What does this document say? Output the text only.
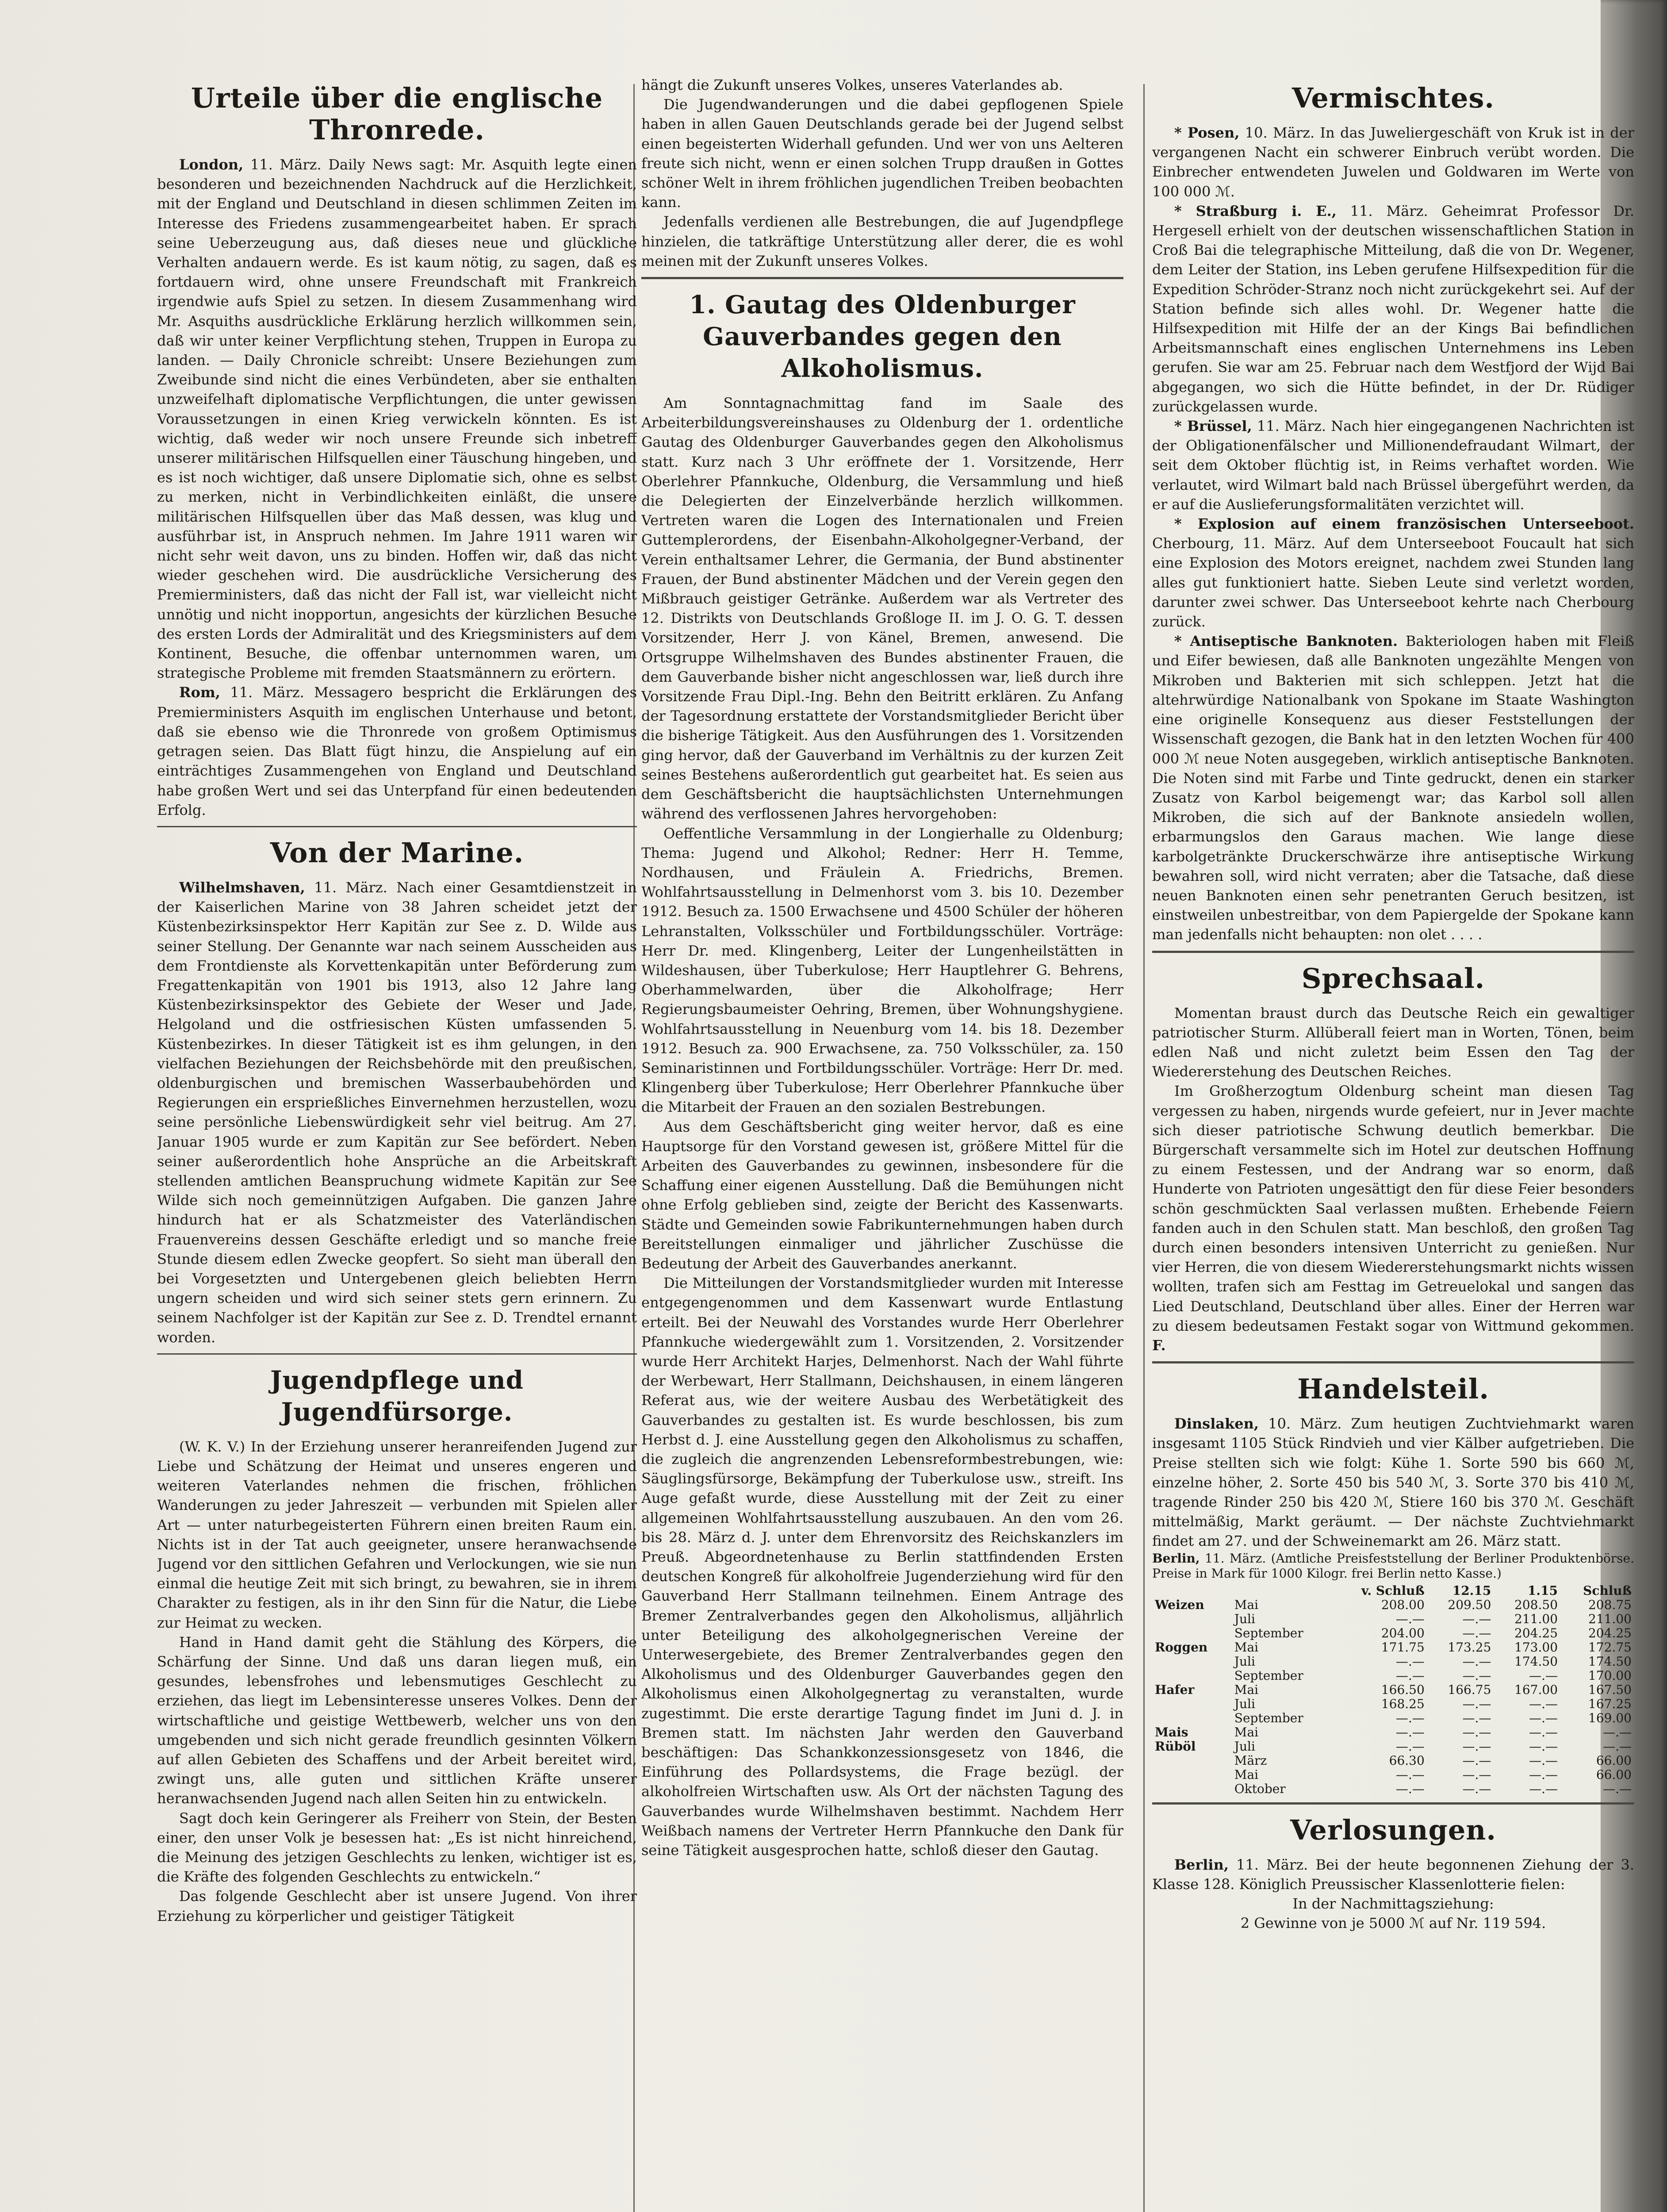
Urteile über die englische Thronrede.

London, 11. März. Daily News sagt: Mr. Asquith legte einen besonderen und bezeichnenden Nachdruck auf die Herzlichkeit, mit der England und Deutschland in diesen schlimmen Zeiten im Interesse des Friedens zusammengearbeitet haben. Er sprach seine Ueberzeugung aus, daß dieses neue und glückliche Verhalten andauern werde. Es ist kaum nötig, zu sagen, daß es fortdauern wird, ohne unsere Freundschaft mit Frankreich irgendwie aufs Spiel zu setzen. In diesem Zusammenhang wird Mr. Asquiths ausdrückliche Erklärung herzlich willkommen sein, daß wir unter keiner Verpflichtung stehen, Truppen in Europa zu landen. — Daily Chronicle schreibt: Unsere Beziehungen zum Zweibunde sind nicht die eines Verbündeten, aber sie enthalten unzweifelhaft diplomatische Verpflichtungen, die unter gewissen Voraussetzungen in einen Krieg verwickeln könnten. Es ist wichtig, daß weder wir noch unsere Freunde sich inbetreff unserer militärischen Hilfsquellen einer Täuschung hingeben, und es ist noch wichtiger, daß unsere Diplomatie sich, ohne es selbst zu merken, nicht in Verbindlichkeiten einläßt, die unsere militärischen Hilfsquellen über das Maß dessen, was klug und ausführbar ist, in Anspruch nehmen. Im Jahre 1911 waren wir nicht sehr weit davon, uns zu binden. Hoffen wir, daß das nicht wieder geschehen wird. Die ausdrückliche Versicherung des Premierministers, daß das nicht der Fall ist, war vielleicht nicht unnötig und nicht inopportun, angesichts der kürzlichen Besuche des ersten Lords der Admiralität und des Kriegsministers auf dem Kontinent, Besuche, die offenbar unternommen waren, um strategische Probleme mit fremden Staatsmännern zu erörtern.

Rom, 11. März. Messagero bespricht die Erklärungen des Premierministers Asquith im englischen Unterhause und betont, daß sie ebenso wie die Thronrede von großem Optimismus getragen seien. Das Blatt fügt hinzu, die Anspielung auf ein einträchtiges Zusammengehen von England und Deutschland habe großen Wert und sei das Unterpfand für einen bedeutenden Erfolg.

Von der Marine.

Wilhelmshaven, 11. März. Nach einer Gesamtdienstzeit in der Kaiserlichen Marine von 38 Jahren scheidet jetzt der Küstenbezirksinspektor Herr Kapitän zur See z. D. Wilde aus seiner Stellung. Der Genannte war nach seinem Ausscheiden aus dem Frontdienste als Korvettenkapitän unter Beförderung zum Fregattenkapitän von 1901 bis 1913, also 12 Jahre lang Küstenbezirksinspektor des Gebiete der Weser und Jade, Helgoland und die ostfriesischen Küsten umfassenden 5. Küstenbezirkes. In dieser Tätigkeit ist es ihm gelungen, in den vielfachen Beziehungen der Reichsbehörde mit den preußischen, oldenburgischen und bremischen Wasserbaubehörden und Regierungen ein ersprießliches Einvernehmen herzustellen, wozu seine persönliche Liebenswürdigkeit sehr viel beitrug. Am 27. Januar 1905 wurde er zum Kapitän zur See befördert. Neben seiner außerordentlich hohe Ansprüche an die Arbeitskraft stellenden amtlichen Beanspruchung widmete Kapitän zur See Wilde sich noch gemeinnützigen Aufgaben. Die ganzen Jahre hindurch hat er als Schatzmeister des Vaterländischen Frauenvereins dessen Geschäfte erledigt und so manche freie Stunde diesem edlen Zwecke geopfert. So sieht man überall den bei Vorgesetzten und Untergebenen gleich beliebten Herrn ungern scheiden und wird sich seiner stets gern erinnern. Zu seinem Nachfolger ist der Kapitän zur See z. D. Trendtel ernannt worden.

Jugendpflege und Jugendfürsorge.

(W. K. V.) In der Erziehung unserer heranreifenden Jugend zur Liebe und Schätzung der Heimat und unseres engeren und weiteren Vaterlandes nehmen die frischen, fröhlichen Wanderungen zu jeder Jahreszeit — verbunden mit Spielen aller Art — unter naturbegeisterten Führern einen breiten Raum ein. Nichts ist in der Tat auch geeigneter, unsere heranwachsende Jugend vor den sittlichen Gefahren und Verlockungen, wie sie nun einmal die heutige Zeit mit sich bringt, zu bewahren, sie in ihrem Charakter zu festigen, als in ihr den Sinn für die Natur, die Liebe zur Heimat zu wecken.

Hand in Hand damit geht die Stählung des Körpers, die Schärfung der Sinne. Und daß uns daran liegen muß, ein gesundes, lebensfrohes und lebensmutiges Geschlecht zu erziehen, das liegt im Lebensinteresse unseres Volkes. Denn der wirtschaftliche und geistige Wettbewerb, welcher uns von den umgebenden und sich nicht gerade freundlich gesinnten Völkern auf allen Gebieten des Schaffens und der Arbeit bereitet wird, zwingt uns, alle guten und sittlichen Kräfte unserer heranwachsenden Jugend nach allen Seiten hin zu entwickeln.

Sagt doch kein Geringerer als Freiherr von Stein, der Besten einer, den unser Volk je besessen hat: „Es ist nicht hinreichend, die Meinung des jetzigen Geschlechts zu lenken, wichtiger ist es, die Kräfte des folgenden Geschlechts zu entwickeln.“

Das folgende Geschlecht aber ist unsere Jugend. Von ihrer Erziehung zu körperlicher und geistiger Tätigkeit

hängt die Zukunft unseres Volkes, unseres Vaterlandes ab.

Die Jugendwanderungen und die dabei gepflogenen Spiele haben in allen Gauen Deutschlands gerade bei der Jugend selbst einen begeisterten Widerhall gefunden. Und wer von uns Aelteren freute sich nicht, wenn er einen solchen Trupp draußen in Gottes schöner Welt in ihrem fröhlichen jugendlichen Treiben beobachten kann.

Jedenfalls verdienen alle Bestrebungen, die auf Jugendpflege hinzielen, die tatkräftige Unterstützung aller derer, die es wohl meinen mit der Zukunft unseres Volkes.

1. Gautag des Oldenburger Gauverbandes gegen den Alkoholismus.

Am Sonntagnachmittag fand im Saale des Arbeiterbildungsvereinshauses zu Oldenburg der 1. ordentliche Gautag des Oldenburger Gauverbandes gegen den Alkoholismus statt. Kurz nach 3 Uhr eröffnete der 1. Vorsitzende, Herr Oberlehrer Pfannkuche, Oldenburg, die Versammlung und hieß die Delegierten der Einzelverbände herzlich willkommen. Vertreten waren die Logen des Internationalen und Freien Guttemplerordens, der Eisenbahn-Alkoholgegner-Verband, der Verein enthaltsamer Lehrer, die Germania, der Bund abstinenter Frauen, der Bund abstinenter Mädchen und der Verein gegen den Mißbrauch geistiger Getränke. Außerdem war als Vertreter des 12. Distrikts von Deutschlands Großloge II. im J. O. G. T. dessen Vorsitzender, Herr J. von Känel, Bremen, anwesend. Die Ortsgruppe Wilhelmshaven des Bundes abstinenter Frauen, die dem Gauverbande bisher nicht angeschlossen war, ließ durch ihre Vorsitzende Frau Dipl.-Ing. Behn den Beitritt erklären. Zu Anfang der Tagesordnung erstattete der Vorstandsmitglieder Bericht über die bisherige Tätigkeit. Aus den Ausführungen des 1. Vorsitzenden ging hervor, daß der Gauverband im Verhältnis zu der kurzen Zeit seines Bestehens außerordentlich gut gearbeitet hat. Es seien aus dem Geschäftsbericht die hauptsächlichsten Unternehmungen während des verflossenen Jahres hervorgehoben:

Oeffentliche Versammlung in der Longierhalle zu Oldenburg; Thema: Jugend und Alkohol; Redner: Herr H. Temme, Nordhausen, und Fräulein A. Friedrichs, Bremen. Wohlfahrtsausstellung in Delmenhorst vom 3. bis 10. Dezember 1912. Besuch za. 1500 Erwachsene und 4500 Schüler der höheren Lehranstalten, Volksschüler und Fortbildungsschüler. Vorträge: Herr Dr. med. Klingenberg, Leiter der Lungenheilstätten in Wildeshausen, über Tuberkulose; Herr Hauptlehrer G. Behrens, Oberhammelwarden, über die Alkoholfrage; Herr Regierungsbaumeister Oehring, Bremen, über Wohnungshygiene. Wohlfahrtsausstellung in Neuenburg vom 14. bis 18. Dezember 1912. Besuch za. 900 Erwachsene, za. 750 Volksschüler, za. 150 Seminaristinnen und Fortbildungsschüler. Vorträge: Herr Dr. med. Klingenberg über Tuberkulose; Herr Oberlehrer Pfannkuche über die Mitarbeit der Frauen an den sozialen Bestrebungen.

Aus dem Geschäftsbericht ging weiter hervor, daß es eine Hauptsorge für den Vorstand gewesen ist, größere Mittel für die Arbeiten des Gauverbandes zu gewinnen, insbesondere für die Schaffung einer eigenen Ausstellung. Daß die Bemühungen nicht ohne Erfolg geblieben sind, zeigte der Bericht des Kassenwarts. Städte und Gemeinden sowie Fabrikunternehmungen haben durch Bereitstellungen einmaliger und jährlicher Zuschüsse die Bedeutung der Arbeit des Gauverbandes anerkannt.

Die Mitteilungen der Vorstandsmitglieder wurden mit Interesse entgegengenommen und dem Kassenwart wurde Entlastung erteilt. Bei der Neuwahl des Vorstandes wurde Herr Oberlehrer Pfannkuche wiedergewählt zum 1. Vorsitzenden, 2. Vorsitzender wurde Herr Architekt Harjes, Delmenhorst. Nach der Wahl führte der Werbewart, Herr Stallmann, Deichshausen, in einem längeren Referat aus, wie der weitere Ausbau des Werbetätigkeit des Gauverbandes zu gestalten ist. Es wurde beschlossen, bis zum Herbst d. J. eine Ausstellung gegen den Alkoholismus zu schaffen, die zugleich die angrenzenden Lebensreformbestrebungen, wie: Säuglingsfürsorge, Bekämpfung der Tuberkulose usw., streift. Ins Auge gefaßt wurde, diese Ausstellung mit der Zeit zu einer allgemeinen Wohlfahrtsausstellung auszubauen. An den vom 26. bis 28. März d. J. unter dem Ehrenvorsitz des Reichskanzlers im Preuß. Abgeordnetenhause zu Berlin stattfindenden Ersten deutschen Kongreß für alkoholfreie Jugenderziehung wird für den Gauverband Herr Stallmann teilnehmen. Einem Antrage des Bremer Zentralverbandes gegen den Alkoholismus, alljährlich unter Beteiligung des alkoholgegnerischen Vereine der Unterwesergebiete, des Bremer Zentralverbandes gegen den Alkoholismus und des Oldenburger Gauverbandes gegen den Alkoholismus einen Alkoholgegnertag zu veranstalten, wurde zugestimmt. Die erste derartige Tagung findet im Juni d. J. in Bremen statt. Im nächsten Jahr werden den Gauverband beschäftigen: Das Schankkonzessionsgesetz von 1846, die Einführung des Pollardsystems, die Frage bezügl. der alkoholfreien Wirtschaften usw. Als Ort der nächsten Tagung des Gauverbandes wurde Wilhelmshaven bestimmt. Nachdem Herr Weißbach namens der Vertreter Herrn Pfannkuche den Dank für seine Tätigkeit ausgesprochen hatte, schloß dieser den Gautag.

Vermischtes.

* Posen, 10. März. In das Juweliergeschäft von Kruk ist in der vergangenen Nacht ein schwerer Einbruch verübt worden. Die Einbrecher entwendeten Juwelen und Goldwaren im Werte von 100 000 ℳ.

* Straßburg i. E., 11. März. Geheimrat Professor Dr. Hergesell erhielt von der deutschen wissenschaftlichen Station in Croß Bai die telegraphische Mitteilung, daß die von Dr. Wegener, dem Leiter der Station, ins Leben gerufene Hilfsexpedition für die Expedition Schröder-Stranz noch nicht zurückgekehrt sei. Auf der Station befinde sich alles wohl. Dr. Wegener hatte die Hilfsexpedition mit Hilfe der an der Kings Bai befindlichen Arbeitsmannschaft eines englischen Unternehmens ins Leben gerufen. Sie war am 25. Februar nach dem Westfjord der Wijd Bai abgegangen, wo sich die Hütte befindet, in der Dr. Rüdiger zurückgelassen wurde.

* Brüssel, 11. März. Nach hier eingegangenen Nachrichten ist der Obligationenfälscher und Millionendefraudant Wilmart, der seit dem Oktober flüchtig ist, in Reims verhaftet worden. Wie verlautet, wird Wilmart bald nach Brüssel übergeführt werden, da er auf die Auslieferungsformalitäten verzichtet will.

* Explosion auf einem französischen Unterseeboot. Cherbourg, 11. März. Auf dem Unterseeboot Foucault hat sich eine Explosion des Motors ereignet, nachdem zwei Stunden lang alles gut funktioniert hatte. Sieben Leute sind verletzt worden, darunter zwei schwer. Das Unterseeboot kehrte nach Cherbourg zurück.

* Antiseptische Banknoten. Bakteriologen haben mit Fleiß und Eifer bewiesen, daß alle Banknoten ungezählte Mengen von Mikroben und Bakterien mit sich schleppen. Jetzt hat die altehrwürdige Nationalbank von Spokane im Staate Washington eine originelle Konsequenz aus dieser Feststellungen der Wissenschaft gezogen, die Bank hat in den letzten Wochen für 400 000 ℳ neue Noten ausgegeben, wirklich antiseptische Banknoten. Die Noten sind mit Farbe und Tinte gedruckt, denen ein starker Zusatz von Karbol beigemengt war; das Karbol soll allen Mikroben, die sich auf der Banknote ansiedeln wollen, erbarmungslos den Garaus machen. Wie lange diese karbolgetränkte Druckerschwärze ihre antiseptische Wirkung bewahren soll, wird nicht verraten; aber die Tatsache, daß diese neuen Banknoten einen sehr penetranten Geruch besitzen, ist einstweilen unbestreitbar, von dem Papiergelde der Spokane kann man jedenfalls nicht behaupten: non olet . . . .

Sprechsaal.

Momentan braust durch das Deutsche Reich ein gewaltiger patriotischer Sturm. Allüberall feiert man in Worten, Tönen, beim edlen Naß und nicht zuletzt beim Essen den Tag der Wiedererstehung des Deutschen Reiches.

Im Großherzogtum Oldenburg scheint man diesen Tag vergessen zu haben, nirgends wurde gefeiert, nur in Jever machte sich dieser patriotische Schwung deutlich bemerkbar. Die Bürgerschaft versammelte sich im Hotel zur deutschen Hoffnung zu einem Festessen, und der Andrang war so enorm, daß Hunderte von Patrioten ungesättigt den für diese Feier besonders schön geschmückten Saal verlassen mußten. Erhebende Feiern fanden auch in den Schulen statt. Man beschloß, den großen Tag durch einen besonders intensiven Unterricht zu genießen. Nur vier Herren, die von diesem Wiedererstehungsmarkt nichts wissen wollten, trafen sich am Festtag im Getreuelokal und sangen das Lied Deutschland, Deutschland über alles. Einer der Herren war zu diesem bedeutsamen Festakt sogar von Wittmund gekommen. F.

Handelsteil.

Dinslaken, 10. März. Zum heutigen Zuchtviehmarkt waren insgesamt 1105 Stück Rindvieh und vier Kälber aufgetrieben. Die Preise stellten sich wie folgt: Kühe 1. Sorte 590 bis 660 ℳ, einzelne höher, 2. Sorte 450 bis 540 ℳ, 3. Sorte 370 bis 410 ℳ, tragende Rinder 250 bis 420 ℳ, Stiere 160 bis 370 ℳ. Geschäft mittelmäßig, Markt geräumt. — Der nächste Zuchtviehmarkt findet am 27. und der Schweinemarkt am 26. März statt.

Berlin, 11. März. (Amtliche Preisfeststellung der Berliner Produktenbörse. Preise in Mark für 1000 Kilogr. frei Berlin netto Kasse.)

		v. Schluß	12.15	1.15	Schluß
Weizen	Mai	208.00	209.50	208.50	208.75
	Juli	—.—	—.—	211.00	211.00
	September	204.00	—.—	204.25	204.25
Roggen	Mai	171.75	173.25	173.00	172.75
	Juli	—.—	—.—	174.50	174.50
	September	—.—	—.—	—.—	170.00
Hafer	Mai	166.50	166.75	167.00	167.50
	Juli	168.25	—.—	—.—	167.25
	September	—.—	—.—	—.—	169.00
Mais	Mai	—.—	—.—	—.—	—.—
Rüböl	Juli	—.—	—.—	—.—	—.—
	März	66.30	—.—	—.—	66.00
	Mai	—.—	—.—	—.—	66.00
	Oktober	—.—	—.—	—.—	—.—
Verlosungen.

Berlin, 11. März. Bei der heute begonnenen Ziehung der 3. Klasse 128. Königlich Preussischer Klassenlotterie fielen:

In der Nachmittagsziehung:

2 Gewinne von je 5000 ℳ auf Nr. 119 594.
